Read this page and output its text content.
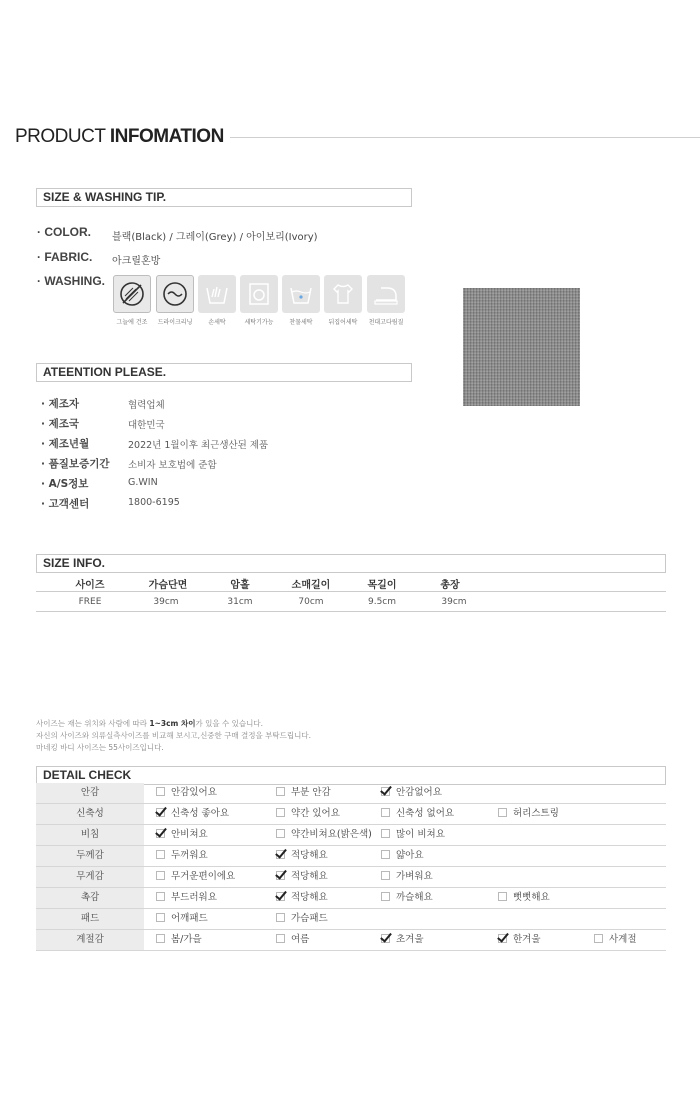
PRODUCT INFOMATION
SIZE & WASHING TIP.
· COLOR. 블랙(Black) / 그레이(Grey) / 아이보리(Ivory)
· FABRIC. 아크릴혼방
· WASHING.
그늘에 건조	드라이크리닝	손세탁	세탁기가능	찬물세탁	뒤집어세탁	천대고다림질
ATEENTION PLEASE.
· 제조자	협력업체
· 제조국	대한민국
· 제조년월	2022년 1월이후 최근생산된 제품
· 품질보증기간 소비자 보호법에 준함
· A/S정보	G.WIN
· 고객센터	1800-6195
SIZE INFO.
사이즈	가슴단면	암홀	소매길이	목길이	총장
FREE	39cm	31cm	70cm	9.5cm	39cm
사이즈는 재는 위치와 사람에 따라 1~3cm 차이가 있을 수 있습니다.
자신의 사이즈와 의류실측사이즈를 비교해 보시고,신중한 구매 결정을 부탁드립니다.
마네킹 바디 사이즈는 55사이즈입니다.
DETAIL CHECK
안감	안감있어요	부분 안감	안감없어요
신축성	신축성 좋아요	약간 있어요	신축성 없어요	허리스트링
비침	안비쳐요	약간비쳐요(밝은색)	많이 비쳐요
두께감	두꺼워요	적당해요	얇아요
무게감	무거운편이에요	적당해요	가벼워요
촉감	부드러워요	적당해요	까슬해요	뻣뻣해요
패드	어깨패드	가슴패드
계절감	봄/가을	여름	초겨울	한겨울	사계절
